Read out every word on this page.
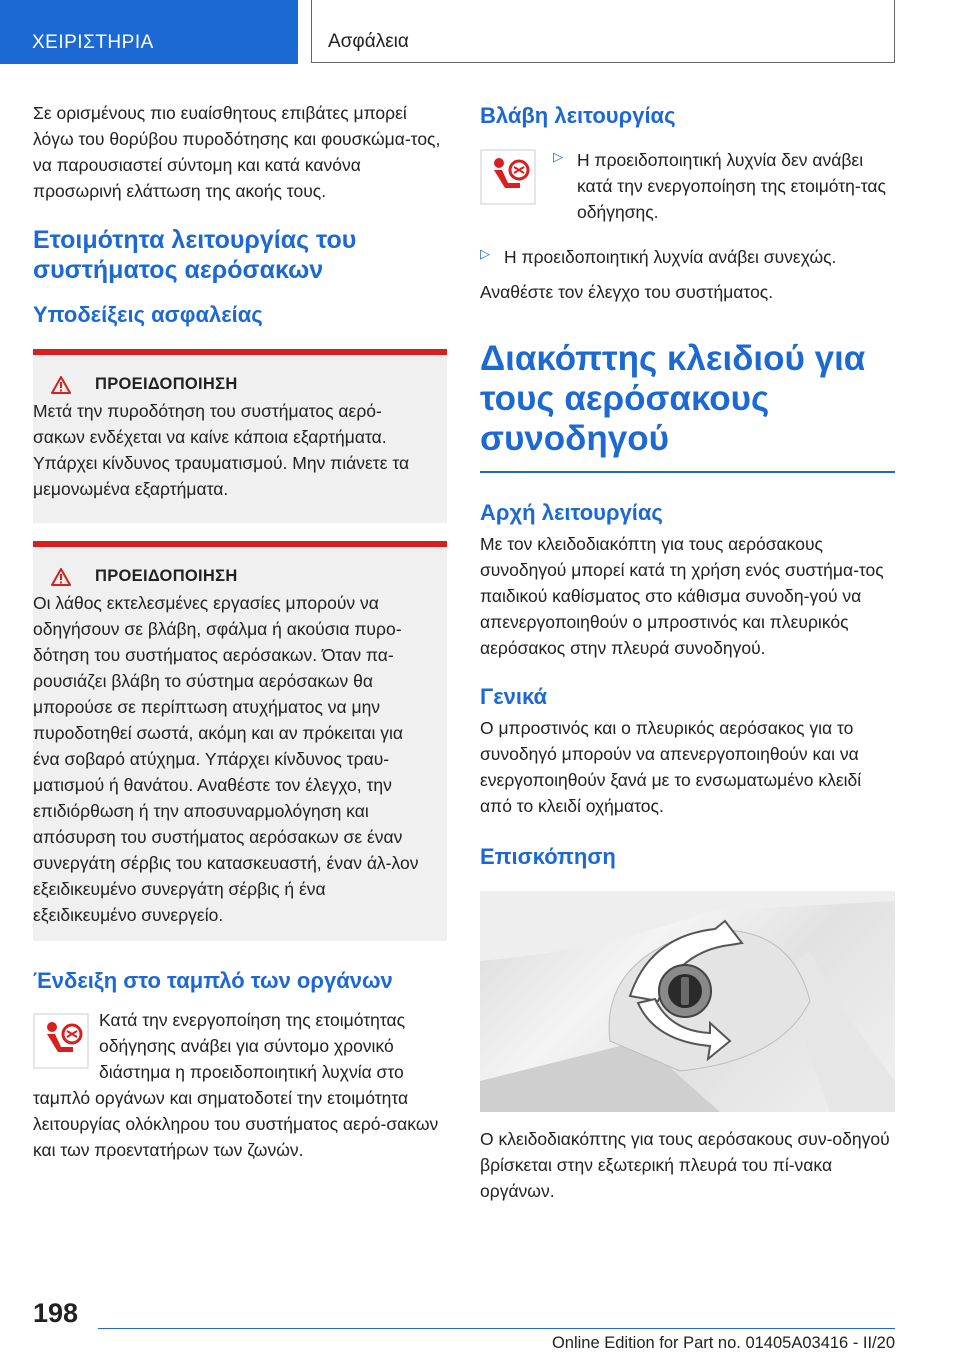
ΧΕΙΡΙΣΤΗΡΙΑ	Ασφάλεια

Σε ορισμένους πιο ευαίσθητους επιβάτες μπορεί λόγω του θορύβου πυροδότησης και φουσκώμα-τος, να παρουσιαστεί σύντομη και κατά κανόνα προσωρινή ελάττωση της ακοής τους.

Ετοιμότητα λειτουργίας του συστήματος αερόσακων
Υποδείξεις ασφαλείας
ΠΡΟΕΙΔΟΠΟΙΗΣΗ

Μετά την πυροδότηση του συστήματος αερό-σακων ενδέχεται να καίνε κάποια εξαρτήματα. Υπάρχει κίνδυνος τραυματισμού. Μην πιάνετε τα μεμονωμένα εξαρτήματα.

ΠΡΟΕΙΔΟΠΟΙΗΣΗ

Οι λάθος εκτελεσμένες εργασίες μπορούν να οδηγήσουν σε βλάβη, σφάλμα ή ακούσια πυρο-δότηση του συστήματος αερόσακων. Όταν πα-ρουσιάζει βλάβη το σύστημα αερόσακων θα μπορούσε σε περίπτωση ατυχήματος να μην πυροδοτηθεί σωστά, ακόμη και αν πρόκειται για ένα σοβαρό ατύχημα. Υπάρχει κίνδυνος τραυ-ματισμού ή θανάτου. Αναθέστε τον έλεγχο, την επιδιόρθωση ή την αποσυναρμολόγηση και απόσυρση του συστήματος αερόσακων σε έναν συνεργάτη σέρβις του κατασκευαστή, έναν άλ-λον εξειδικευμένο συνεργάτη σέρβις ή ένα εξειδικευμένο συνεργείο.

Ένδειξη στο ταμπλό των οργάνων

Κατά την ενεργοποίηση της ετοιμότητας οδήγησης ανάβει για σύντομο χρονικό διάστημα η προειδοποιητική λυχνία στο ταμπλό οργάνων και σηματοδοτεί την ετοιμότητα λειτουργίας ολόκληρου του συστήματος αερό-σακων και των προεντατήρων των ζωνών.

Βλάβη λειτουργίας
▷ Η προειδοποιητική λυχνία δεν ανάβει κατά την ενεργοποίηση της ετοιμότη-τας οδήγησης.

▷ Η προειδοποιητική λυχνία ανάβει συνεχώς.

Αναθέστε τον έλεγχο του συστήματος.

Διακόπτης κλειδιού για τους αερόσακους συνοδηγού
Αρχή λειτουργίας

Με τον κλειδοδιακόπτη για τους αερόσακους συνοδηγού μπορεί κατά τη χρήση ενός συστήμα-τος παιδικού καθίσματος στο κάθισμα συνοδη-γού να απενεργοποιηθούν ο μπροστινός και πλευρικός αερόσακος στην πλευρά συνοδηγού.

Γενικά

Ο μπροστινός και ο πλευρικός αερόσακος για το συνοδηγό μπορούν να απενεργοποιηθούν και να ενεργοποιηθούν ξανά με το ενσωματωμένο κλειδί από το κλειδί οχήματος.

Επισκόπηση

Ο κλειδοδιακόπτης για τους αερόσακους συν-οδηγού βρίσκεται στην εξωτερική πλευρά του πί-νακα οργάνων.

198
Online Edition for Part no. 01405A03416 - II/20
